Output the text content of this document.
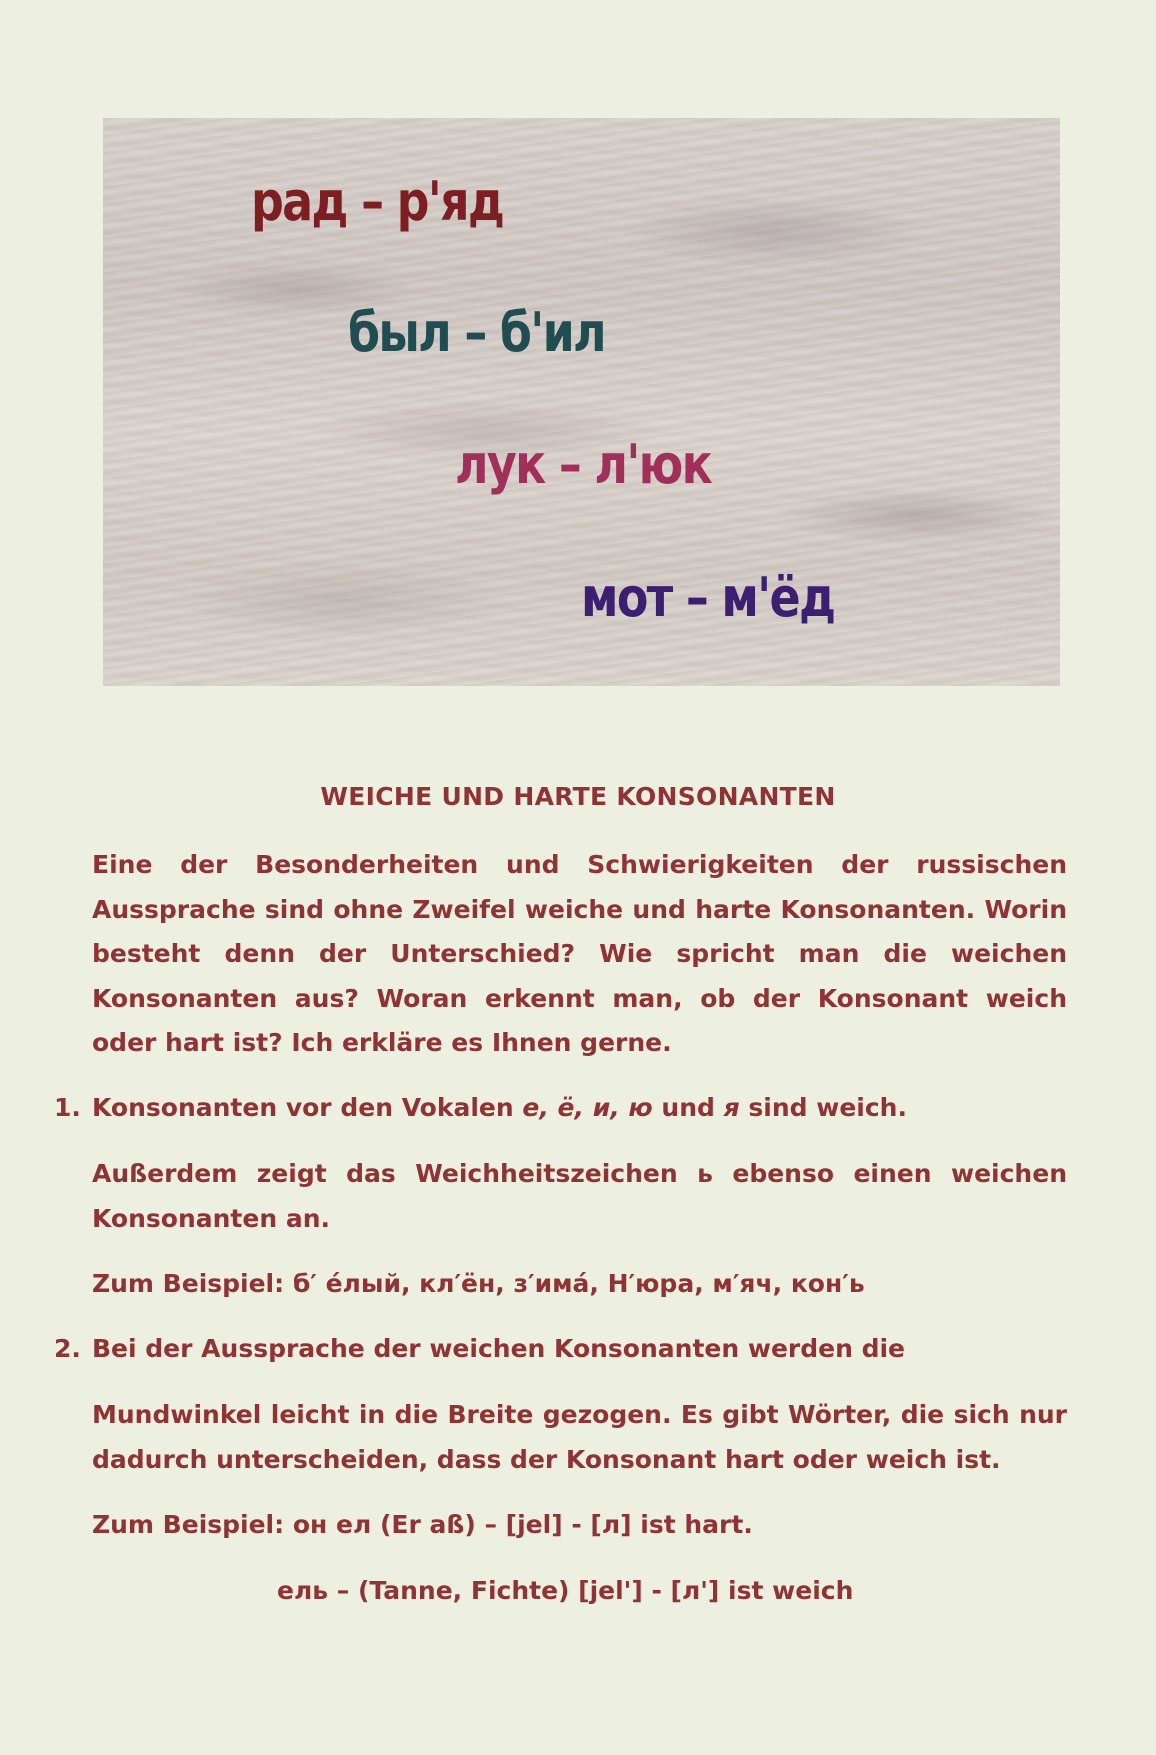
рад – р'яд
был – б'ил
лук – л'юк
мот – м'ёд
WEICHE UND HARTE KONSONANTEN
Eine der Besonderheiten und Schwierigkeiten der russischen Aussprache sind ohne Zweifel weiche und harte Konsonanten. Worin besteht denn der Unterschied? Wie spricht man die weichen Konsonanten aus? Woran erkennt man, ob der Konsonant weich oder hart ist? Ich erkläre es Ihnen gerne.
1. Konsonanten vor den Vokalen е, ё, и, ю und я sind weich.
Außerdem zeigt das Weichheitszeichen ь ebenso einen weichen Konsonanten an.
Zum Beispiel: б′ е́лый, кл′ён, з′има́, Н′юра, м′яч, кон′ь
2. Bei der Aussprache der weichen Konsonanten werden die
Mundwinkel leicht in die Breite gezogen. Es gibt Wörter, die sich nur dadurch unterscheiden, dass der Konsonant hart oder weich ist.
Zum Beispiel: он ел (Er aß) – [jel] - [л] ist hart.
ель – (Tanne, Fichte) [jel'] - [л'] ist weich
